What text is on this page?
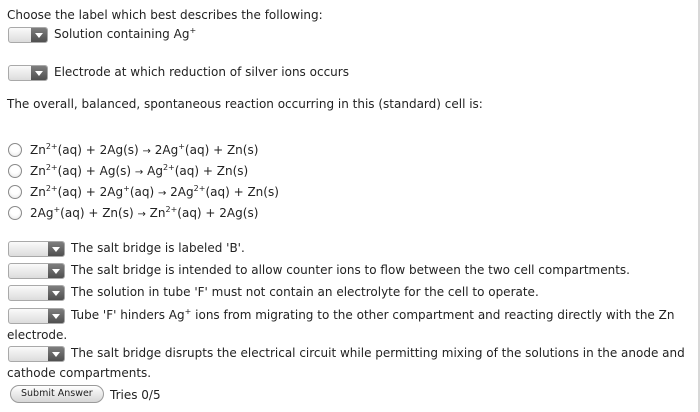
Choose the label which best describes the following:
Solution containing Ag+
Electrode at which reduction of silver ions occurs
The overall, balanced, spontaneous reaction occurring in this (standard) cell is:
$Zn^{2+}(aq) + 2Ag(s) \to 2Ag^+(aq) + Zn(s)$
$Zn^{2+}(aq) + Ag(s) \to Ag^{2+}(aq) + Zn(s)$
$Zn^{2+}(aq) + 2Ag^+(aq) \to 2Ag^{2+}(aq) + Zn(s)$
$2Ag^+(aq) + Zn(s) \to Zn^{2+}(aq) + 2Ag(s)$
The salt bridge is labeled 'B'.
The salt bridge is intended to allow counter ions to flow between the two cell compartments.
The solution in tube 'F' must not contain an electrolyte for the cell to operate.
Tube 'F' hinders Ag+ ions from migrating to the other compartment and reacting directly with the Zn
electrode.
The salt bridge disrupts the electrical circuit while permitting mixing of the solutions in the anode and
cathode compartments.
Submit Answer	Tries 0/5
